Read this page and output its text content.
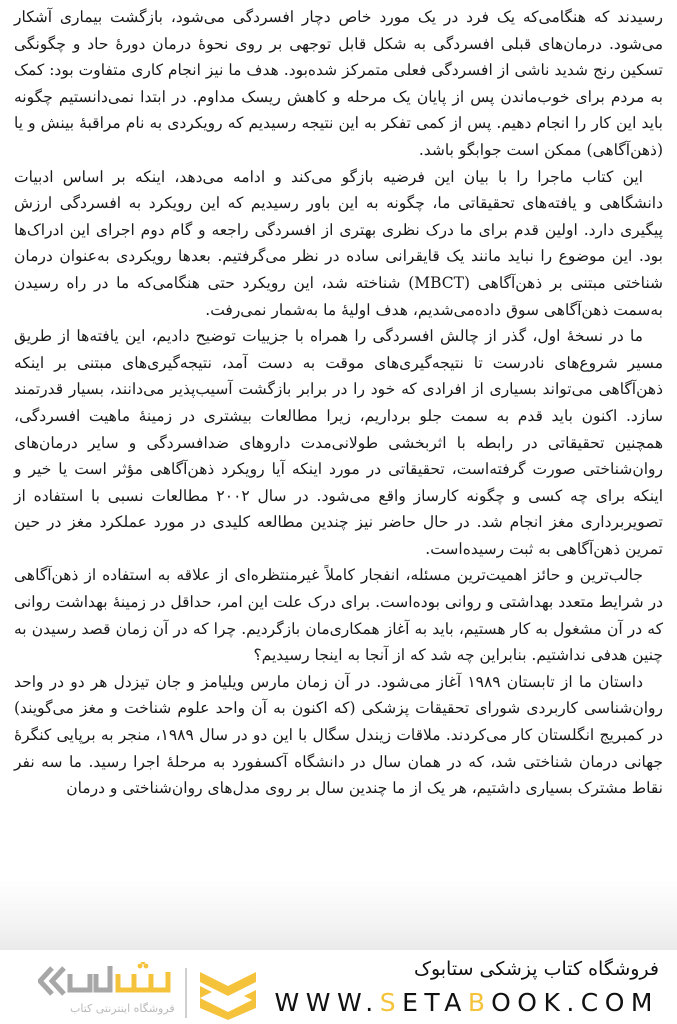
رسیدند که هنگامی‌که یک فرد در یک مورد خاص دچار افسردگی می‌شود، بازگشت بیماری آشکار می‌شود. درمان‌های قبلی افسردگی به شکل قابل توجهی بر روی نحوهٔ درمان دورهٔ حاد و چگونگی تسکین رنج شدید ناشی از افسردگی فعلی متمرکز شده‌بود. هدف ما نیز انجام کاری متفاوت بود: کمک به مردم برای خوب‌ماندن پس از پایان یک مرحله و کاهش ریسک مداوم. در ابتدا نمی‌دانستیم چگونه باید این کار را انجام دهیم. پس از کمی تفکر به این نتیجه رسیدیم که رویکردی به نام مراقبهٔ بینش و یا (ذهن‌آگاهی) ممکن است جوابگو باشد.

این کتاب ماجرا را با بیان این فرضیه بازگو می‌کند و ادامه می‌دهد، اینکه بر اساس ادبیات دانشگاهی و یافته‌های تحقیقاتی ما، چگونه به این باور رسیدیم که این رویکرد به افسردگی ارزش پیگیری دارد. اولین قدم برای ما درک نظری بهتری از افسردگی راجعه و گام دوم اجرای این ادراک‌ها بود. این موضوع را نباید مانند یک قایقرانی ساده در نظر می‌گرفتیم. بعدها رویکردی به‌عنوان درمان شناختی مبتنی بر ذهن‌آگاهی (MBCT) شناخته شد، این رویکرد حتی هنگامی‌که ما در راه رسیدن به‌سمت ذهن‌آگاهی سوق داده‌می‌شدیم، هدف اولیهٔ ما به‌شمار نمی‌رفت.

ما در نسخهٔ اول، گذر از چالش افسردگی را همراه با جزییات توضیح دادیم، این یافته‌ها از طریق مسیر شروع‌های نادرست تا نتیجه‌گیری‌های موقت به دست آمد، نتیجه‌گیری‌های مبتنی بر اینکه ذهن‌آگاهی می‌تواند بسیاری از افرادی که خود را در برابر بازگشت آسیب‌پذیر می‌دانند، بسیار قدرتمند سازد. اکنون باید قدم به سمت جلو برداریم، زیرا مطالعات بیشتری در زمینهٔ ماهیت افسردگی، همچنین تحقیقاتی در رابطه با اثربخشی طولانی‌مدت داروهای ضدافسردگی و سایر درمان‌های روان‌شناختی صورت گرفته‌است، تحقیقاتی در مورد اینکه آیا رویکرد ذهن‌آگاهی مؤثر است یا خیر و اینکه برای چه کسی و چگونه کارساز واقع می‌شود. در سال ۲۰۰۲ مطالعات نسبی با استفاده از تصویربرداری مغز انجام شد. در حال حاضر نیز چندین مطالعه کلیدی در مورد عملکرد مغز در حین تمرین ذهن‌آگاهی به ثبت رسیده‌است.

جالب‌ترین و حائز اهمیت‌ترین مسئله، انفجار کاملاً غیرمنتظره‌ای از علاقه به استفاده از ذهن‌آگاهی در شرایط متعدد بهداشتی و روانی بوده‌است. برای درک علت این امر، حداقل در زمینهٔ بهداشت روانی که در آن مشغول به کار هستیم، باید به آغاز همکاری‌مان بازگردیم. چرا که در آن زمان قصد رسیدن به چنین هدفی نداشتیم. بنابراین چه شد که از آنجا به اینجا رسیدیم؟

داستان ما از تابستان ۱۹۸۹ آغاز می‌شود. در آن زمان مارس ویلیامز و جان تیزدل هر دو در واحد روان‌شناسی کاربردی شورای تحقیقات پزشکی (که اکنون به آن واحد علوم شناخت و مغز می‌گویند) در کمبریج انگلستان کار می‌کردند. ملاقات زیندل سگال با این دو در سال ۱۹۸۹، منجر به برپایی کنگرهٔ جهانی درمان شناختی شد، که در همان سال در دانشگاه آکسفورد به مرحلهٔ اجرا رسید. ما سه نفر نقاط مشترک بسیاری داشتیم، هر یک از ما چندین سال بر روی مدل‌های روان‌شناختی و درمان

فروشگاه اینترنتی کتاب
فروشگاه کتاب پزشکی ستابوک
WWW.SETABOOK.COM
